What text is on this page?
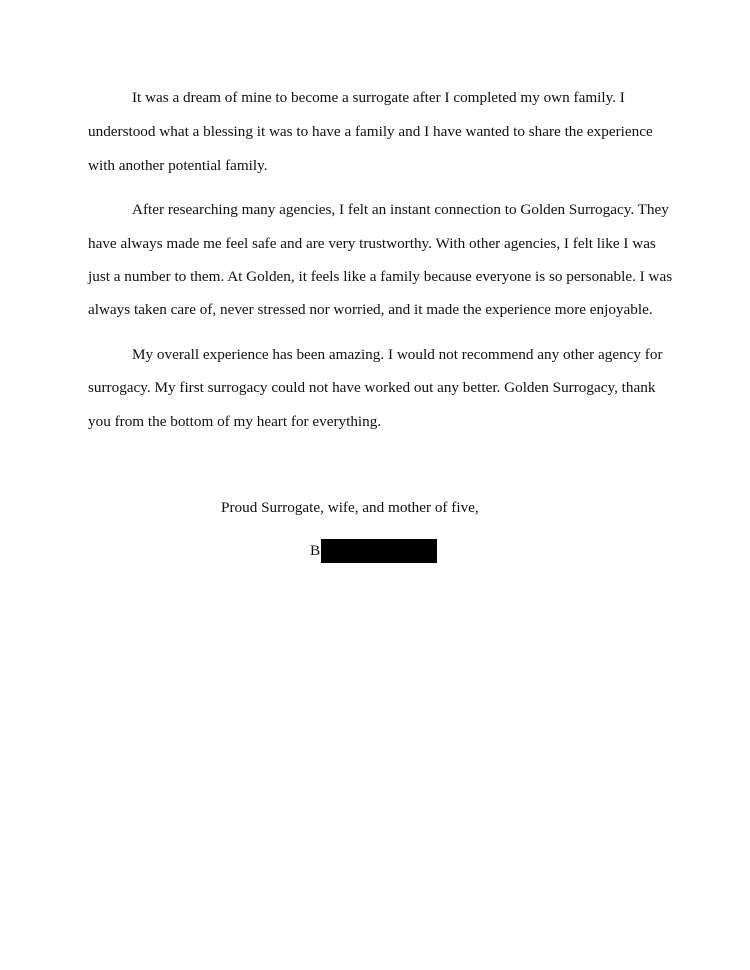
It was a dream of mine to become a surrogate after I completed my own family. I
understood what a blessing it was to have a family and I have wanted to share the experience
with another potential family.
After researching many agencies, I felt an instant connection to Golden Surrogacy. They
have always made me feel safe and are very trustworthy. With other agencies, I felt like I was
just a number to them. At Golden, it feels like a family because everyone is so personable. I was
always taken care of, never stressed nor worried, and it made the experience more enjoyable.
My overall experience has been amazing. I would not recommend any other agency for
surrogacy. My first surrogacy could not have worked out any better. Golden Surrogacy, thank
you from the bottom of my heart for everything.
Proud Surrogate, wife, and mother of five,
B
